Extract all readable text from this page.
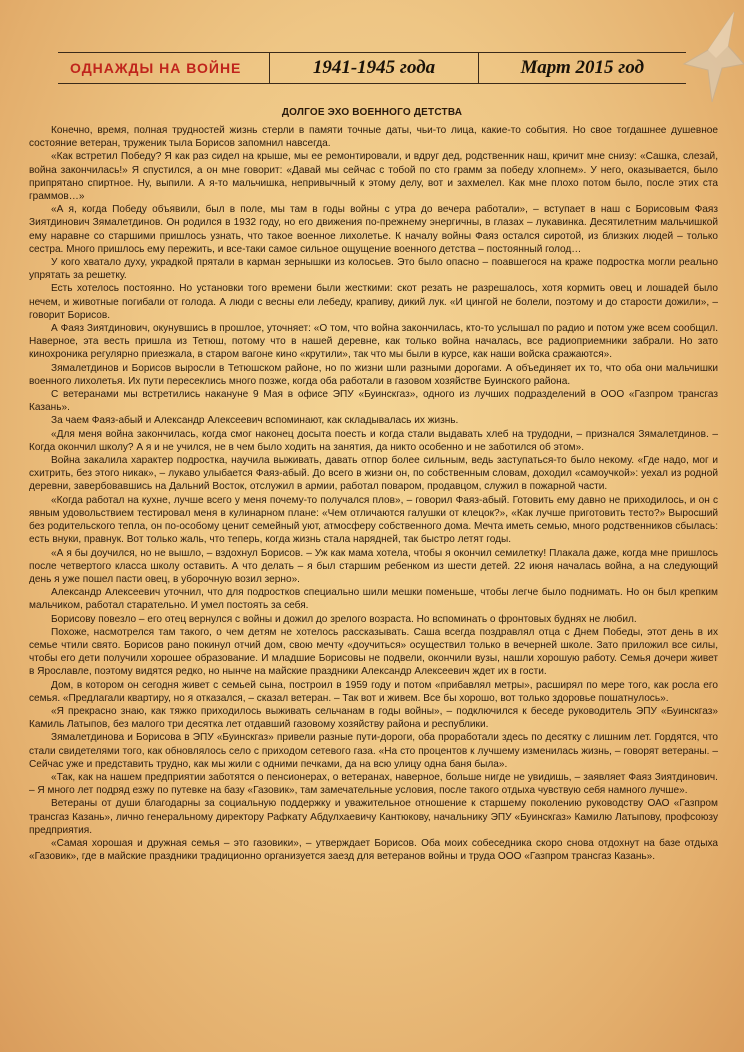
ОДНАЖДЫ НА ВОЙНЕ	1941-1945 года	Март 2015 год
ДОЛГОЕ ЭХО ВОЕННОГО ДЕТСТВА

Конечно, время, полная трудностей жизнь стерли в памяти точные даты, чьи-то лица, какие-то события. Но свое тогдашнее душевное состояние ветеран, труженик тыла Борисов запомнил навсегда.

«Как встретил Победу? Я как раз сидел на крыше, мы ее ремонтировали, и вдруг дед, родственник наш, кричит мне снизу: «Сашка, слезай, война закончилась!» Я спустился, а он мне говорит: «Давай мы сейчас с тобой по сто грамм за победу хлопнем». У него, оказывается, было припрятано спиртное. Ну, выпили. А я-то мальчишка, непривычный к этому делу, вот и захмелел. Как мне плохо потом было, после этих ста граммов…»

«А я, когда Победу объявили, был в поле, мы там в годы войны с утра до вечера работали», – вступает в наш с Борисовым Фаяз Зиятдинович Зямалетдинов. Он родился в 1932 году, но его движения по-прежнему энергичны, в глазах – лукавинка. Десятилетним мальчишкой ему наравне со старшими пришлось узнать, что такое военное лихолетье. К началу войны Фаяз остался сиротой, из близких людей – только сестра. Много пришлось ему пережить, и все-таки самое сильное ощущение военного детства – постоянный голод…

У кого хватало духу, украдкой прятали в карман зернышки из колосьев. Это было опасно – поавшегося на краже подростка могли реально упрятать за решетку.

Есть хотелось постоянно. Но установки того времени были жесткими: скот резать не разрешалось, хотя кормить овец и лошадей было нечем, и животные погибали от голода. А люди с весны ели лебеду, крапиву, дикий лук. «И цингой не болели, поэтому и до старости дожили», – говорит Борисов.

А Фаяз Зиятдинович, окунувшись в прошлое, уточняет: «О том, что война закончилась, кто-то услышал по радио и потом уже всем сообщил. Наверное, эта весть пришла из Тетюш, потому что в нашей деревне, как только война началась, все радиоприемники забрали. Но зато кинохроника регулярно приезжала, в старом вагоне кино «крутили», так что мы были в курсе, как наши войска сражаются».

Зямалетдинов и Борисов выросли в Тетюшском районе, но по жизни шли разными дорогами. А объединяет их то, что оба они мальчишки военного лихолетья. Их пути пересеклись много позже, когда оба работали в газовом хозяйстве Буинского района.

С ветеранами мы встретились накануне 9 Мая в офисе ЭПУ «Буинскгаз», одного из лучших подразделений в ООО «Газпром трансгаз Казань».

За чаем Фаяз-абый и Александр Алексеевич вспоминают, как складывалась их жизнь.

«Для меня война закончилась, когда смог наконец досыта поесть и когда стали выдавать хлеб на трудодни, – признался Зямалетдинов. – Когда окончил школу? А я и не учился, не в чем было ходить на занятия, да никто особенно и не заботился об этом».

Война закалила характер подростка, научила выживать, давать отпор более сильным, ведь заступаться-то было некому. «Где надо, мог и схитрить, без этого никак», – лукаво улыбается Фаяз-абый. До всего в жизни он, по собственным словам, доходил «самоучкой»: уехал из родной деревни, завербовавшись на Дальний Восток, отслужил в армии, работал поваром, продавцом, служил в пожарной части.

«Когда работал на кухне, лучше всего у меня почему-то получался плов», – говорил Фаяз-абый. Готовить ему давно не приходилось, и он с явным удовольствием тестировал меня в кулинарном плане: «Чем отличаются галушки от клецок?», «Как лучше приготовить тесто?» Выросший без родительского тепла, он по-особому ценит семейный уют, атмосферу собственного дома. Мечта иметь семью, много родственников сбылась: есть внуки, правнук. Вот только жаль, что теперь, когда жизнь стала нарядней, так быстро летят годы.

«А я бы доучился, но не вышло, – вздохнул Борисов. – Уж как мама хотела, чтобы я окончил семилетку! Плакала даже, когда мне пришлось после четвертого класса школу оставить. А что делать – я был старшим ребенком из шести детей. 22 июня началась война, а на следующий день я уже пошел пасти овец, в уборочную возил зерно».

Александр Алексеевич уточнил, что для подростков специально шили мешки поменьше, чтобы легче было поднимать. Но он был крепким мальчиком, работал старательно. И умел постоять за себя.

Борисову повезло – его отец вернулся с войны и дожил до зрелого возраста. Но вспоминать о фронтовых буднях не любил.

Похоже, насмотрелся там такого, о чем детям не хотелось рассказывать. Саша всегда поздравлял отца с Днем Победы, этот день в их семье чтили свято. Борисов рано покинул отчий дом, свою мечту «доучиться» осуществил только в вечерней школе. Зато приложил все силы, чтобы его дети получили хорошее образование. И младшие Борисовы не подвели, окончили вузы, нашли хорошую работу. Семья дочери живет в Ярославле, поэтому видятся редко, но нынче на майские праздники Александр Алексеевич ждет их в гости.

Дом, в котором он сегодня живет с семьей сына, построил в 1959 году и потом «прибавлял метры», расширял по мере того, как росла его семья. «Предлагали квартиру, но я отказался, – сказал ветеран. – Так вот и живем. Все бы хорошо, вот только здоровье пошатнулось».

«Я прекрасно знаю, как тяжко приходилось выживать сельчанам в годы войны», – подключился к беседе руководитель ЭПУ «Буинскгаз» Камиль Латыпов, без малого три десятка лет отдавший газовому хозяйству района и республики.

Зямалетдинова и Борисова в ЭПУ «Буинскгаз» привели разные пути-дороги, оба проработали здесь по десятку с лишним лет. Гордятся, что стали свидетелями того, как обновлялось село с приходом сетевого газа. «На сто процентов к лучшему изменилась жизнь, – говорят ветераны. – Сейчас уже и представить трудно, как мы жили с одними печками, да на всю улицу одна баня была».

«Так, как на нашем предприятии заботятся о пенсионерах, о ветеранах, наверное, больше нигде не увидишь, – заявляет Фаяз Зиятдинович. – Я много лет подряд езжу по путевке на базу «Газовик», там замечательные условия, после такого отдыха чувствую себя намного лучше».

Ветераны от души благодарны за социальную поддержку и уважительное отношение к старшему поколению руководству ОАО «Газпром трансгаз Казань», лично генеральному директору Рафкату Абдулхаевичу Кантюкову, начальнику ЭПУ «Буинскгаз» Камилю Латыпову, профсоюзу предприятия.

«Самая хорошая и дружная семья – это газовики», – утверждает Борисов. Оба моих собеседника скоро снова отдохнут на базе отдыха «Газовик», где в майские праздники традиционно организуется заезд для ветеранов войны и труда ООО «Газпром трансгаз Казань».
